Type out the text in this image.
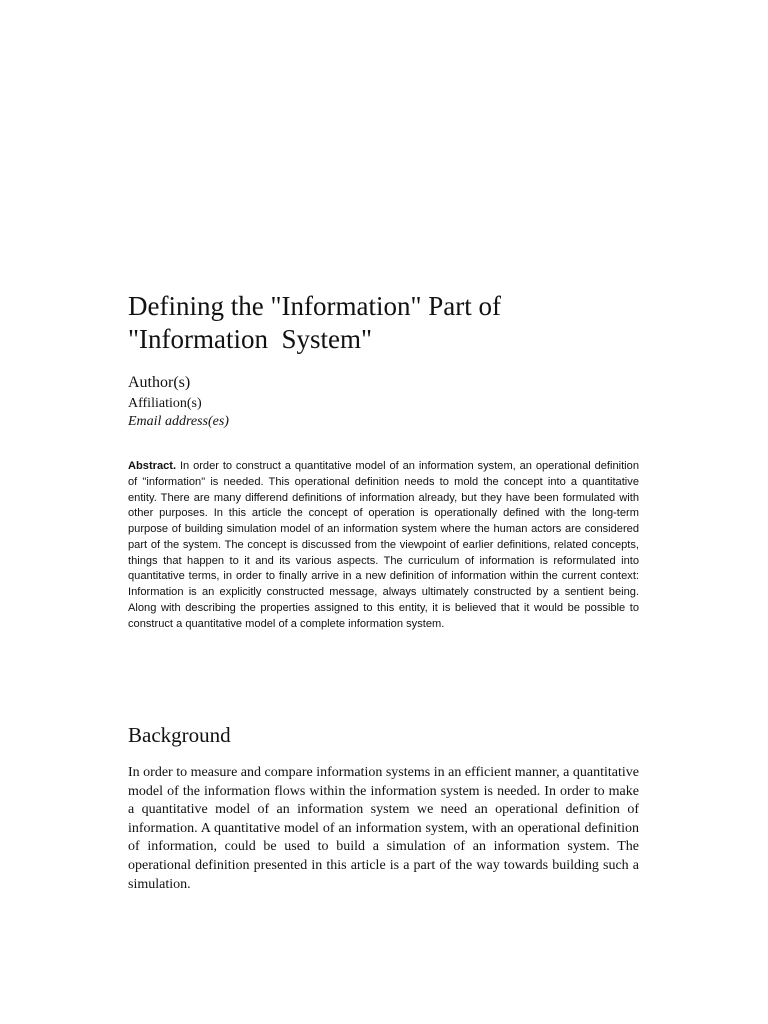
Defining the "Information" Part of
"Information  System"
Author(s)
Affiliation(s)
Email address(es)

Abstract. In order to construct a quantitative model of an information system, an operational definition of "information" is needed. This operational definition needs to mold the concept into a quantitative entity. There are many differend definitions of information already, but they have been formulated with other purposes. In this article the concept of operation is operationally defined with the long-term purpose of building simulation model of an information system where the human actors are considered part of the system. The concept is discussed from the viewpoint of earlier definitions, related concepts, things that happen to it and its various aspects. The curriculum of information is reformulated into quantitative terms, in order to finally arrive in a new definition of information within the current context: Information is an explicitly constructed message, always ultimately constructed by a sentient being. Along with describing the properties assigned to this entity, it is believed that it would be possible to construct a quantitative model of a complete information system.

Background

In order to measure and compare information systems in an efficient manner, a quantitative model of the information flows within the information system is needed. In order to make a quantitative model of an information system we need an operational definition of information. A quantitative model of an information system, with an operational definition of information, could be used to build a simulation of an information system. The operational definition presented in this article is a part of the way towards building such a simulation.
